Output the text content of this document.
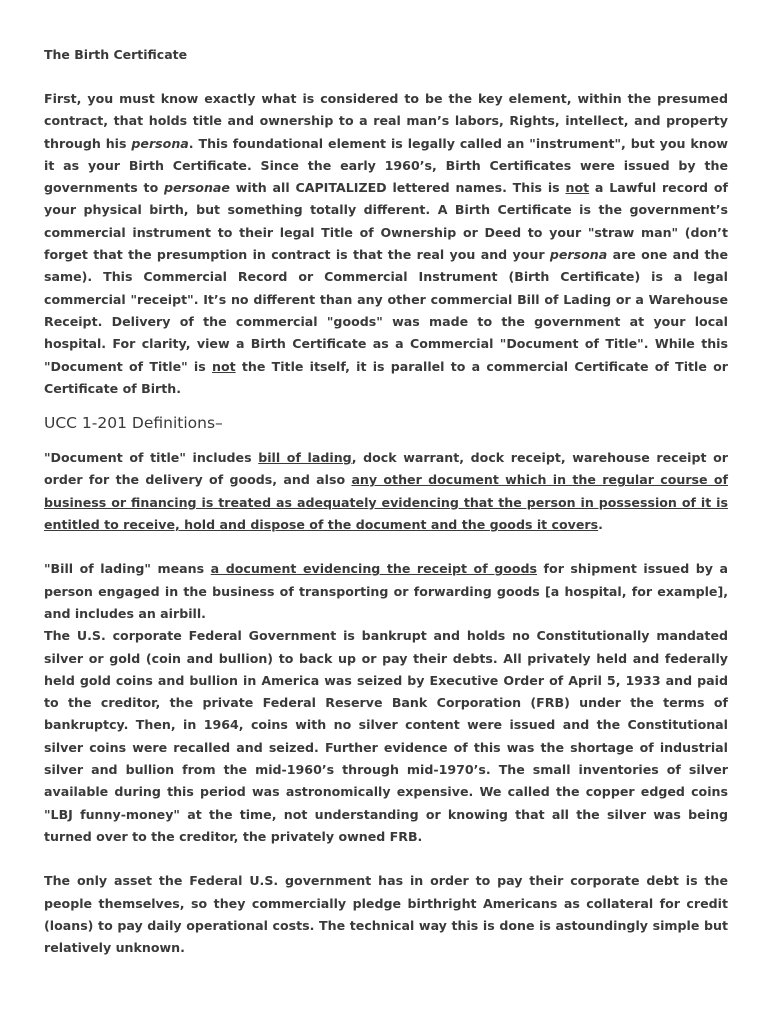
The Birth Certificate

First, you must know exactly what is considered to be the key element, within the presumed contract, that holds title and ownership to a real man’s labors, Rights, intellect, and property through his persona. This foundational element is legally called an "instrument", but you know it as your Birth Certificate. Since the early 1960’s, Birth Certificates were issued by the governments to personae with all CAPITALIZED lettered names. This is not a Lawful record of your physical birth, but something totally different. A Birth Certificate is the government’s commercial instrument to their legal Title of Ownership or Deed to your "straw man" (don’t forget that the presumption in contract is that the real you and your persona are one and the same). This Commercial Record or Commercial Instrument (Birth Certificate) is a legal commercial "receipt". It’s no different than any other commercial Bill of Lading or a Warehouse Receipt. Delivery of the commercial "goods" was made to the government at your local hospital. For clarity, view a Birth Certificate as a Commercial "Document of Title". While this "Document of Title" is not the Title itself, it is parallel to a commercial Certificate of Title or Certificate of Birth.

UCC 1-201 Definitions–

"Document of title" includes bill of lading, dock warrant, dock receipt, warehouse receipt or order for the delivery of goods, and also any other document which in the regular course of business or financing is treated as adequately evidencing that the person in possession of it is entitled to receive, hold and dispose of the document and the goods it covers.

"Bill of lading" means a document evidencing the receipt of goods for shipment issued by a person engaged in the business of transporting or forwarding goods [a hospital, for example], and includes an airbill.

The U.S. corporate Federal Government is bankrupt and holds no Constitutionally mandated silver or gold (coin and bullion) to back up or pay their debts. All privately held and federally held gold coins and bullion in America was seized by Executive Order of April 5, 1933 and paid to the creditor, the private Federal Reserve Bank Corporation (FRB) under the terms of bankruptcy. Then, in 1964, coins with no silver content were issued and the Constitutional silver coins were recalled and seized. Further evidence of this was the shortage of industrial silver and bullion from the mid-1960’s through mid-1970’s. The small inventories of silver available during this period was astronomically expensive. We called the copper edged coins "LBJ funny-money" at the time, not understanding or knowing that all the silver was being turned over to the creditor, the privately owned FRB.

The only asset the Federal U.S. government has in order to pay their corporate debt is the people themselves, so they commercially pledge birthright Americans as collateral for credit (loans) to pay daily operational costs. The technical way this is done is astoundingly simple but relatively unknown.
